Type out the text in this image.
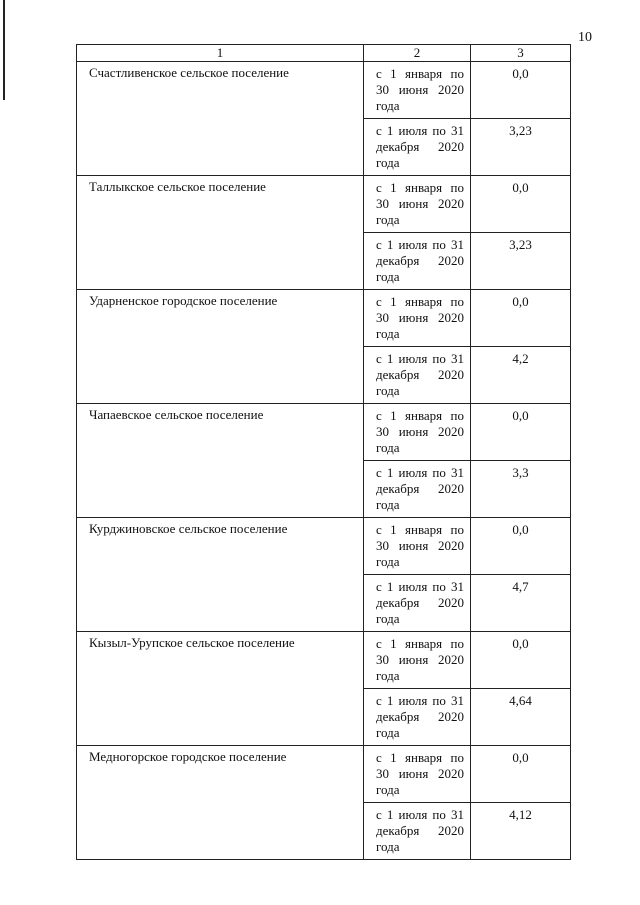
10
1	2	3
Счастливенское сельское поселение	с 1 января по 30 июня 2020 года	0,0
	с 1 июля по 31 декабря 2020 года	3,23
Таллыкское сельское поселение	с 1 января по 30 июня 2020 года	0,0
	с 1 июля по 31 декабря 2020 года	3,23
Ударненское городское поселение	с 1 января по 30 июня 2020 года	0,0
	с 1 июля по 31 декабря 2020 года	4,2
Чапаевское сельское поселение	с 1 января по 30 июня 2020 года	0,0
	с 1 июля по 31 декабря 2020 года	3,3
Курджиновское сельское поселение	с 1 января по 30 июня 2020 года	0,0
	с 1 июля по 31 декабря 2020 года	4,7
Кызыл-Урупское сельское поселение	с 1 января по 30 июня 2020 года	0,0
	с 1 июля по 31 декабря 2020 года	4,64
Медногорское городское поселение	с 1 января по 30 июня 2020 года	0,0
	с 1 июля по 31 декабря 2020 года	4,12
